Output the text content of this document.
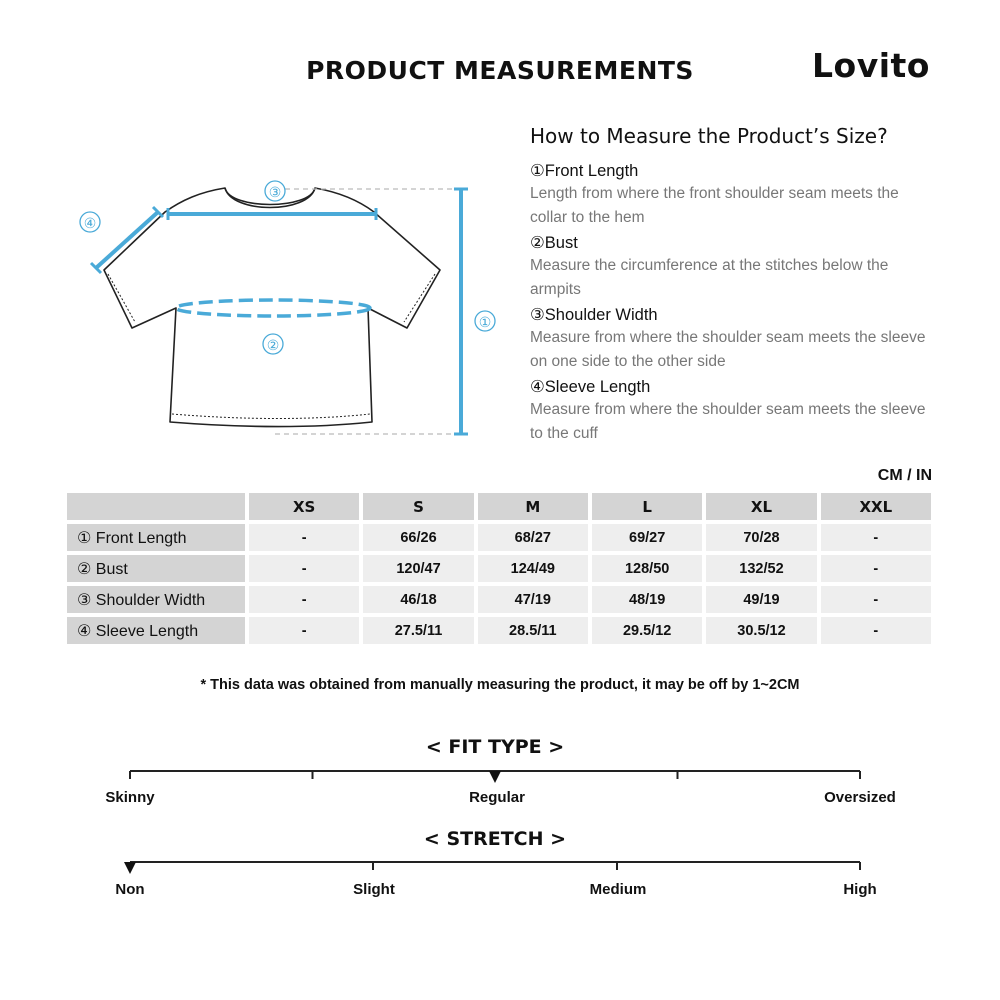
PRODUCT MEASUREMENTS	Lovito
①
②
③
④
How to Measure the Product’s Size?
①Front Length
Length from where the front shoulder seam meets the collar to the hem
②Bust
Measure the circumference at the stitches below the armpits
③Shoulder Width
Measure from where the shoulder seam meets the sleeve on one side to the other side
④Sleeve Length
Measure from where the shoulder seam meets the sleeve to the cuff
CM / IN
	XS	S	M	L	XL	XXL
① Front Length	-	66/26	68/27	69/27	70/28	-
② Bust	-	120/47	124/49	128/50	132/52	-
③ Shoulder Width	-	46/18	47/19	48/19	49/19	-
④ Sleeve Length	-	27.5/11	28.5/11	29.5/12	30.5/12	-
* This data was obtained from manually measuring the product, it may be off by 1~2CM
< FIT TYPE >
Skinny	Regular	Oversized
< STRETCH >
Non	Slight	Medium	High
